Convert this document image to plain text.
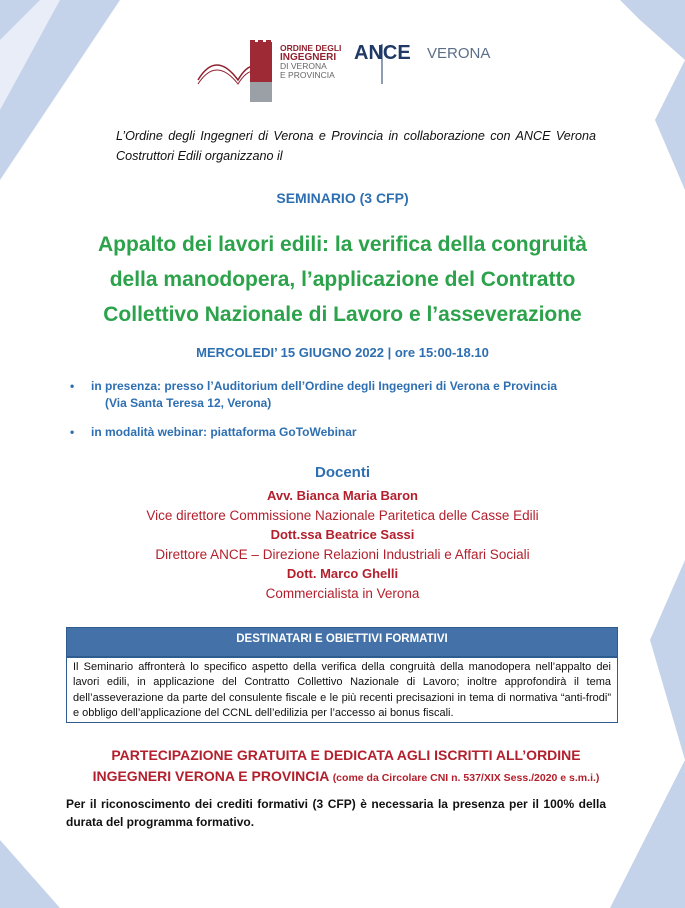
ORDINE DEGLI
INGEGNERI
DI VERONA
E PROVINCIA
ANCE VERONA
L’Ordine degli Ingegneri di Verona e Provincia in collaborazione con ANCE Verona Costruttori Edili organizzano il
SEMINARIO (3 CFP)
Appalto dei lavori edili: la verifica della congruità
della manodopera, l’applicazione del Contratto
Collettivo Nazionale di Lavoro e l’asseverazione
MERCOLEDI’ 15 GIUGNO 2022 | ore 15:00-18.10
• in presenza: presso l’Auditorium dell’Ordine degli Ingegneri di Verona e Provincia
(Via Santa Teresa 12, Verona)
• in modalità webinar: piattaforma GoToWebinar
Docenti
Avv. Bianca Maria Baron
Vice direttore Commissione Nazionale Paritetica delle Casse Edili
Dott.ssa Beatrice Sassi
Direttore ANCE – Direzione Relazioni Industriali e Affari Sociali
Dott. Marco Ghelli
Commercialista in Verona
DESTINATARI E OBIETTIVI FORMATIVI
Il Seminario affronterà lo specifico aspetto della verifica della congruità della manodopera nell’appalto dei lavori edili, in applicazione del Contratto Collettivo Nazionale di Lavoro; inoltre approfondirà il tema dell’asseverazione da parte del consulente fiscale e le più recenti precisazioni in tema di normativa “anti-frodi” e obbligo dell’applicazione del CCNL dell’edilizia per l’accesso ai bonus fiscali.
PARTECIPAZIONE GRATUITA E DEDICATA AGLI ISCRITTI ALL’ORDINE
INGEGNERI VERONA E PROVINCIA (come da Circolare CNI n. 537/XIX Sess./2020 e s.m.i.)
Per il riconoscimento dei crediti formativi (3 CFP) è necessaria la presenza per il 100% della durata del programma formativo.
